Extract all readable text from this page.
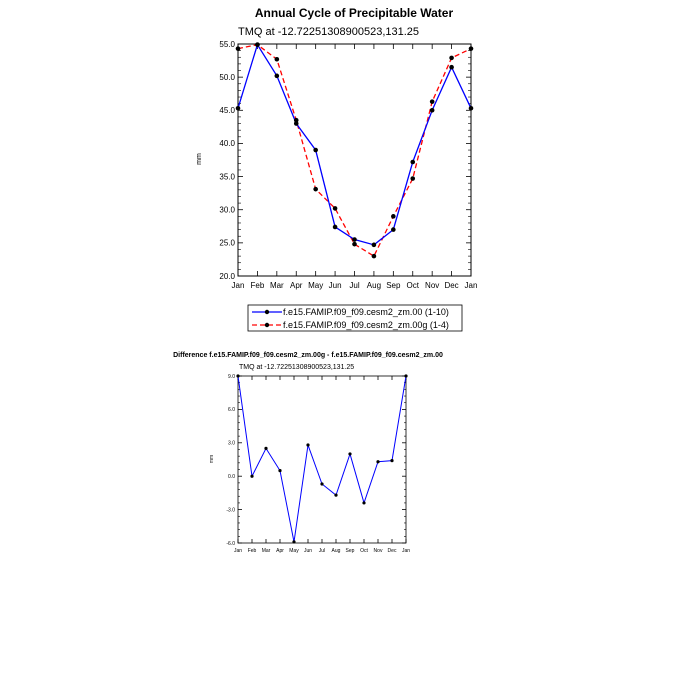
Annual Cycle of Precipitable Water
TMQ at -12.72251308900523,131.25
mm
20.0
25.0
30.0
35.0
40.0
45.0
50.0
55.0
Jan Feb Mar Apr May Jun Jul Aug Sep Oct Nov Dec Jan
f.e15.FAMIP.f09_f09.cesm2_zm.00 (1-10)
f.e15.FAMIP.f09_f09.cesm2_zm.00g (1-4)
Difference f.e15.FAMIP.f09_f09.cesm2_zm.00g - f.e15.FAMIP.f09_f09.cesm2_zm.00
TMQ at -12.72251308900523,131.25
mm
-6.0
-3.0
0.0
3.0
6.0
9.0
Jan Feb Mar Apr May Jun Jul Aug Sep Oct Nov Dec Jan
